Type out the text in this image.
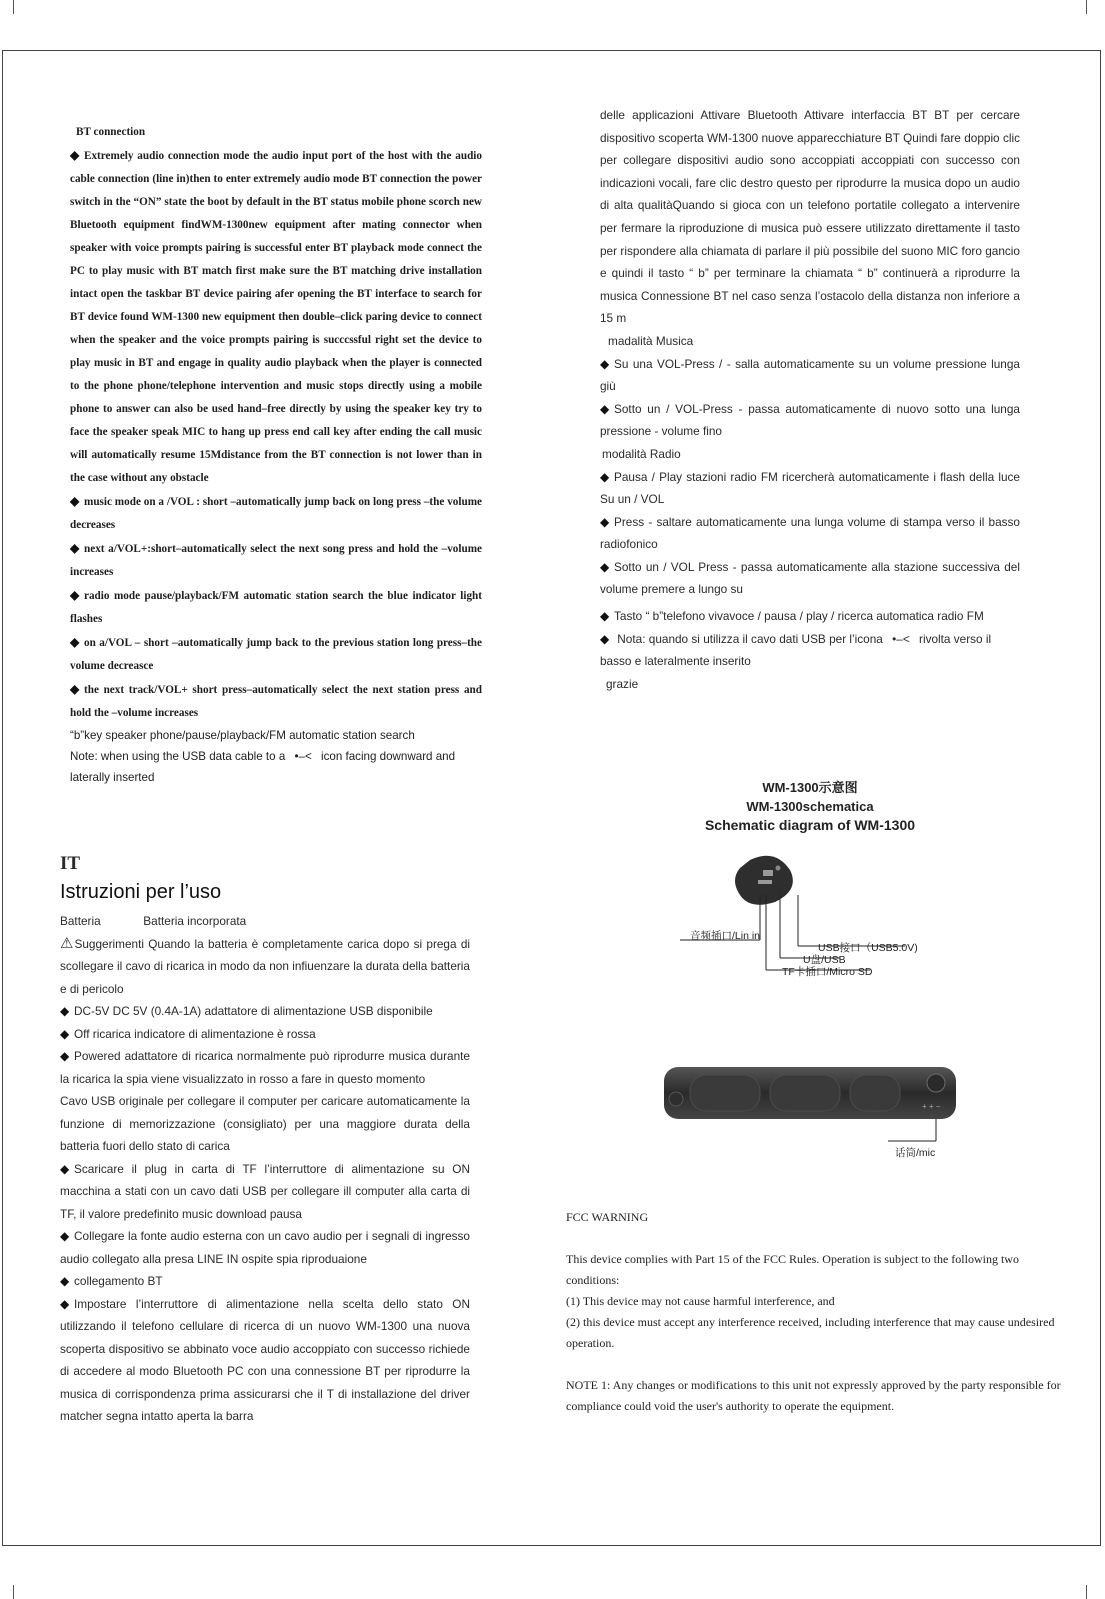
BT connection

◆ Extremely audio connection mode the audio input port of the host with the audio cable connection (line in)then to enter extremely audio mode BT connection the power switch in the “ON” state the boot by default in the BT status mobile phone scorch new Bluetooth equipment findWM-1300new equipment after mating connector when speaker with voice prompts pairing is successful enter BT playback mode connect the PC to play music with BT match first make sure the BT matching drive installation intact open the taskbar BT device pairing afer opening the BT interface to search for BT device found WM-1300 new equipment then double–click paring device to connect when the speaker and the voice prompts pairing is succcssful right set the device to play music in BT and engage in quality audio playback when the player is connected to the phone phone/telephone intervention and music stops directly using a mobile phone to answer can also be used hand–free directly by using the speaker key try to face the speaker speak MIC to hang up press end call key after ending the call music will automatically resume 15Mdistance from the BT connection is not lower than in the case without any obstacle

◆ music mode on a /VOL : short –automatically jump back on long press –the volume decreases

◆ next a/VOL+:short–automatically select the next song press and hold the –volume increases

◆ radio mode pause/playback/FM automatic station search the blue indicator light flashes

◆ on a/VOL – short –automatically jump back to the previous station long press–the volume decreasce

◆ the next track/VOL+ short press–automatically select the next station press and hold the –volume increases

“b”key speaker phone/pause/playback/FM automatic station search

Note: when using the USB data cable to a •–< icon facing downward and laterally inserted

IT

Istruzioni per l’uso

Batteria	Batteria incorporata

⚠Suggerimenti Quando la batteria è completamente carica dopo si prega di scollegare il cavo di ricarica in modo da non infiuenzare la durata della batteria e di pericolo

◆ DC-5V DC 5V (0.4A-1A) adattatore di alimentazione USB disponibile

◆ Off ricarica indicatore di alimentazione è rossa

◆ Powered adattatore di ricarica normalmente può riprodurre musica durante la ricarica la spia viene visualizzato in rosso a fare in questo momento

Cavo USB originale per collegare il computer per caricare automaticamente la funzione di memorizzazione (consigliato) per una maggiore durata della batteria fuori dello stato di carica

◆ Scaricare il plug in carta di TF l’interruttore di alimentazione su ON macchina a stati con un cavo dati USB per collegare ill computer alla carta di TF, il valore predefinito music download pausa

◆ Collegare la fonte audio esterna con un cavo audio per i segnali di ingresso audio collegato alla presa LINE IN ospite spia riproduaione

◆ collegamento BT

◆ Impostare l’interruttore di alimentazione nella scelta dello stato ON utilizzando il telefono cellulare di ricerca di un nuovo WM-1300 una nuova scoperta dispositivo se abbinato voce audio accoppiato con successo richiede di accedere al modo Bluetooth PC con una connessione BT per riprodurre la musica di corrispondenza prima assicurarsi che il T di installazione del driver matcher segna intatto aperta la barra

delle applicazioni Attivare Bluetooth Attivare interfaccia BT BT per cercare dispositivo scoperta WM-1300 nuove apparecchiature BT Quindi fare doppio clic per collegare dispositivi audio sono accoppiati accoppiati con successo con indicazioni vocali, fare clic destro questo per riprodurre la musica dopo un audio di alta qualitàQuando si gioca con un telefono portatile collegato a intervenire per fermare la riproduzione di musica può essere utilizzato direttamente il tasto per rispondere alla chiamata di parlare il più possibile del suono MIC foro gancio e quindi il tasto “ b” per terminare la chiamata “ b” continuerà a riprodurre la musica Connessione BT nel caso senza l’ostacolo della distanza non inferiore a 15 m

madalità Musica

◆ Su una VOL-Press / - salla automaticamente su un volume pressione lunga giù

◆ Sotto un / VOL-Press - passa automaticamente di nuovo sotto una lunga pressione - volume fino

modalità Radio

◆ Pausa / Play stazioni radio FM ricercherà automaticamente i flash della luce Su un / VOL

◆ Press - saltare automaticamente una lunga volume di stampa verso il basso radiofonico

◆ Sotto un / VOL Press - passa automaticamente alla stazione successiva del volume premere a lungo su

◆ Tasto “ b”telefono vivavoce / pausa / play / ricerca automatica radio FM

◆ Nota: quando si utilizza il cavo dati USB per l’icona •–< rivolta verso il basso e lateralmente inserito

grazie

WM-1300示意图

WM-1300schematica

Schematic diagram of WM-1300

音频插口/Lin in
USB接口（USB5.0V)
U盘/USB
TF卡插口/Micro SD
+ + −
话筒/mic

FCC WARNING

This device complies with Part 15 of the FCC Rules. Operation is subject to the following two conditions:

(1) This device may not cause harmful interference, and

(2) this device must accept any interference received, including interference that may cause undesired operation.

NOTE 1: Any changes or modifications to this unit not expressly approved by the party responsible for compliance could void the user's authority to operate the equipment.
